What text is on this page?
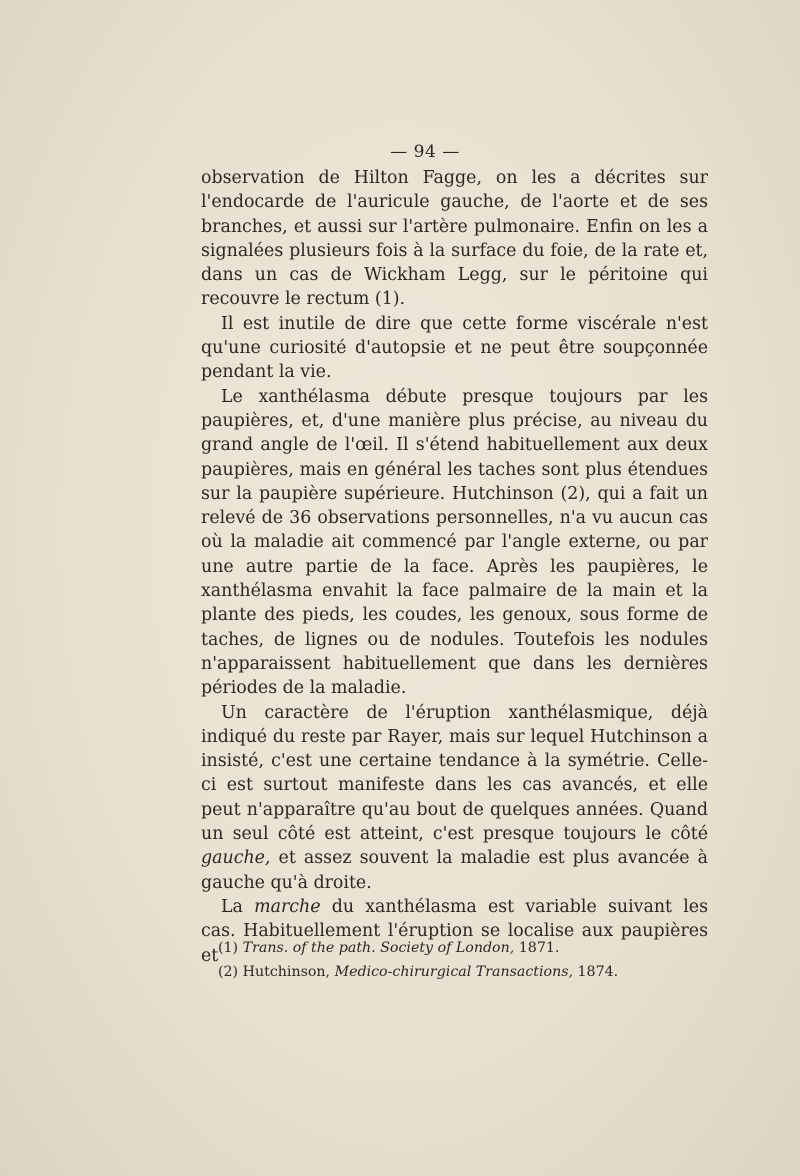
— 94 —

observation de Hilton Fagge, on les a décrites sur l'endocarde de l'auricule gauche, de l'aorte et de ses branches, et aussi sur l'artère pulmonaire. Enfin on les a signalées plusieurs fois à la surface du foie, de la rate et, dans un cas de Wickham Legg, sur le péritoine qui recouvre le rectum (1).

Il est inutile de dire que cette forme viscérale n'est qu'une curiosité d'autopsie et ne peut être soupçonnée pendant la vie.

Le xanthélasma débute presque toujours par les paupières, et, d'une manière plus précise, au niveau du grand angle de l'œil. Il s'étend habituellement aux deux paupières, mais en général les taches sont plus étendues sur la paupière supérieure. Hutchinson (2), qui a fait un relevé de 36 observations personnelles, n'a vu aucun cas où la maladie ait commencé par l'angle externe, ou par une autre partie de la face. Après les paupières, le xanthélasma envahit la face palmaire de la main et la plante des pieds, les coudes, les genoux, sous forme de taches, de lignes ou de nodules. Toutefois les nodules n'apparaissent habituellement que dans les dernières périodes de la maladie.

Un caractère de l'éruption xanthélasmique, déjà indiqué du reste par Rayer, mais sur lequel Hutchinson a insisté, c'est une certaine tendance à la symétrie. Celle-ci est surtout manifeste dans les cas avancés, et elle peut n'apparaître qu'au bout de quelques années. Quand un seul côté est atteint, c'est presque toujours le côté gauche, et assez souvent la maladie est plus avancée à gauche qu'à droite.

La marche du xanthélasma est variable suivant les cas. Habituellement l'éruption se localise aux paupières et (1) Trans. of the path. Society of London, 1871.
(2) Hutchinson, Medico-chirurgical Transactions, 1874.
